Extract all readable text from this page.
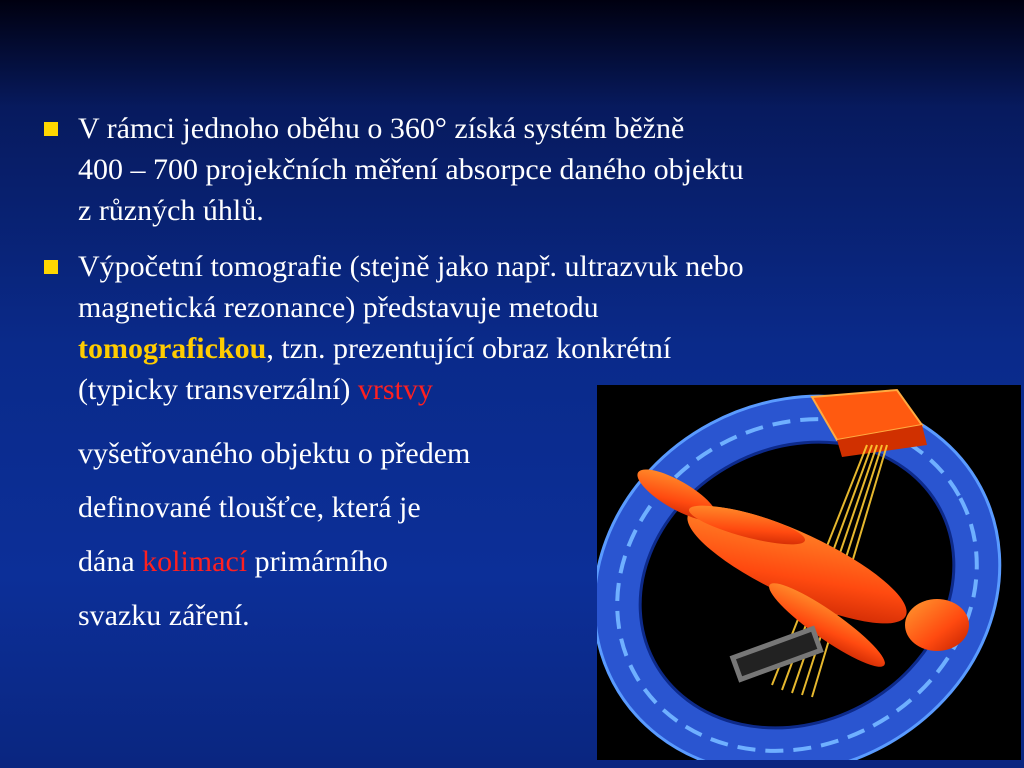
V rámci jednoho oběhu o 360° získá systém běžně
400 – 700 projekčních měření absorpce daného objektu
z různých úhlů.

Výpočetní tomografie (stejně jako např. ultrazvuk nebo
magnetická rezonance) představuje metodu
tomografickou, tzn. prezentující obraz konkrétní
(typicky transverzální) vrstvy

vyšetřovaného objektu o předem
definované tloušťce, která je
dána kolimací primárního
svazku záření.
